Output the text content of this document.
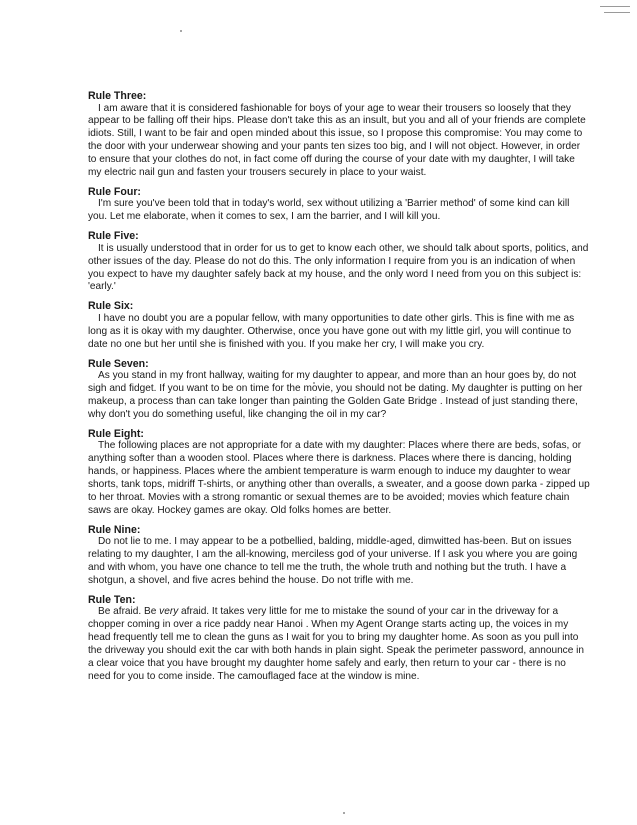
Rule Three:

I am aware that it is considered fashionable for boys of your age to wear their trousers so loosely that they appear to be falling off their hips. Please don't take this as an insult, but you and all of your friends are complete idiots. Still, I want to be fair and open minded about this issue, so I propose this compromise: You may come to the door with your underwear showing and your pants ten sizes too big, and I will not object. However, in order to ensure that your clothes do not, in fact come off during the course of your date with my daughter, I will take my electric nail gun and fasten your trousers securely in place to your waist.

Rule Four:

I'm sure you've been told that in today's world, sex without utilizing a 'Barrier method' of some kind can kill you. Let me elaborate, when it comes to sex, I am the barrier, and I will kill you.

Rule Five:

It is usually understood that in order for us to get to know each other, we should talk about sports, politics, and other issues of the day. Please do not do this. The only information I require from you is an indication of when you expect to have my daughter safely back at my house, and the only word I need from you on this subject is: 'early.'

Rule Six:

I have no doubt you are a popular fellow, with many opportunities to date other girls. This is fine with me as long as it is okay with my daughter. Otherwise, once you have gone out with my little girl, you will continue to date no one but her until she is finished with you. If you make her cry, I will make you cry.

Rule Seven:

As you stand in my front hallway, waiting for my daughter to appear, and more than an hour goes by, do not sigh and fidget. If you want to be on time for the movie, you should not be dating. My daughter is putting on her makeup, a process than can take longer than painting the Golden Gate Bridge . Instead of just standing there, why don't you do something useful, like changing the oil in my car?

Rule Eight:

The following places are not appropriate for a date with my daughter: Places where there are beds, sofas, or anything softer than a wooden stool. Places where there is darkness. Places where there is dancing, holding hands, or happiness. Places where the ambient temperature is warm enough to induce my daughter to wear shorts, tank tops, midriff T-shirts, or anything other than overalls, a sweater, and a goose down parka - zipped up to her throat. Movies with a strong romantic or sexual themes are to be avoided; movies which feature chain saws are okay. Hockey games are okay. Old folks homes are better.

Rule Nine:

Do not lie to me. I may appear to be a potbellied, balding, middle-aged, dimwitted has-been. But on issues relating to my daughter, I am the all-knowing, merciless god of your universe. If I ask you where you are going and with whom, you have one chance to tell me the truth, the whole truth and nothing but the truth. I have a shotgun, a shovel, and five acres behind the house. Do not trifle with me.

Rule Ten:

Be afraid. Be very afraid. It takes very little for me to mistake the sound of your car in the driveway for a chopper coming in over a rice paddy near Hanoi . When my Agent Orange starts acting up, the voices in my head frequently tell me to clean the guns as I wait for you to bring my daughter home. As soon as you pull into the driveway you should exit the car with both hands in plain sight. Speak the perimeter password, announce in a clear voice that you have brought my daughter home safely and early, then return to your car - there is no need for you to come inside. The camouflaged face at the window is mine.
